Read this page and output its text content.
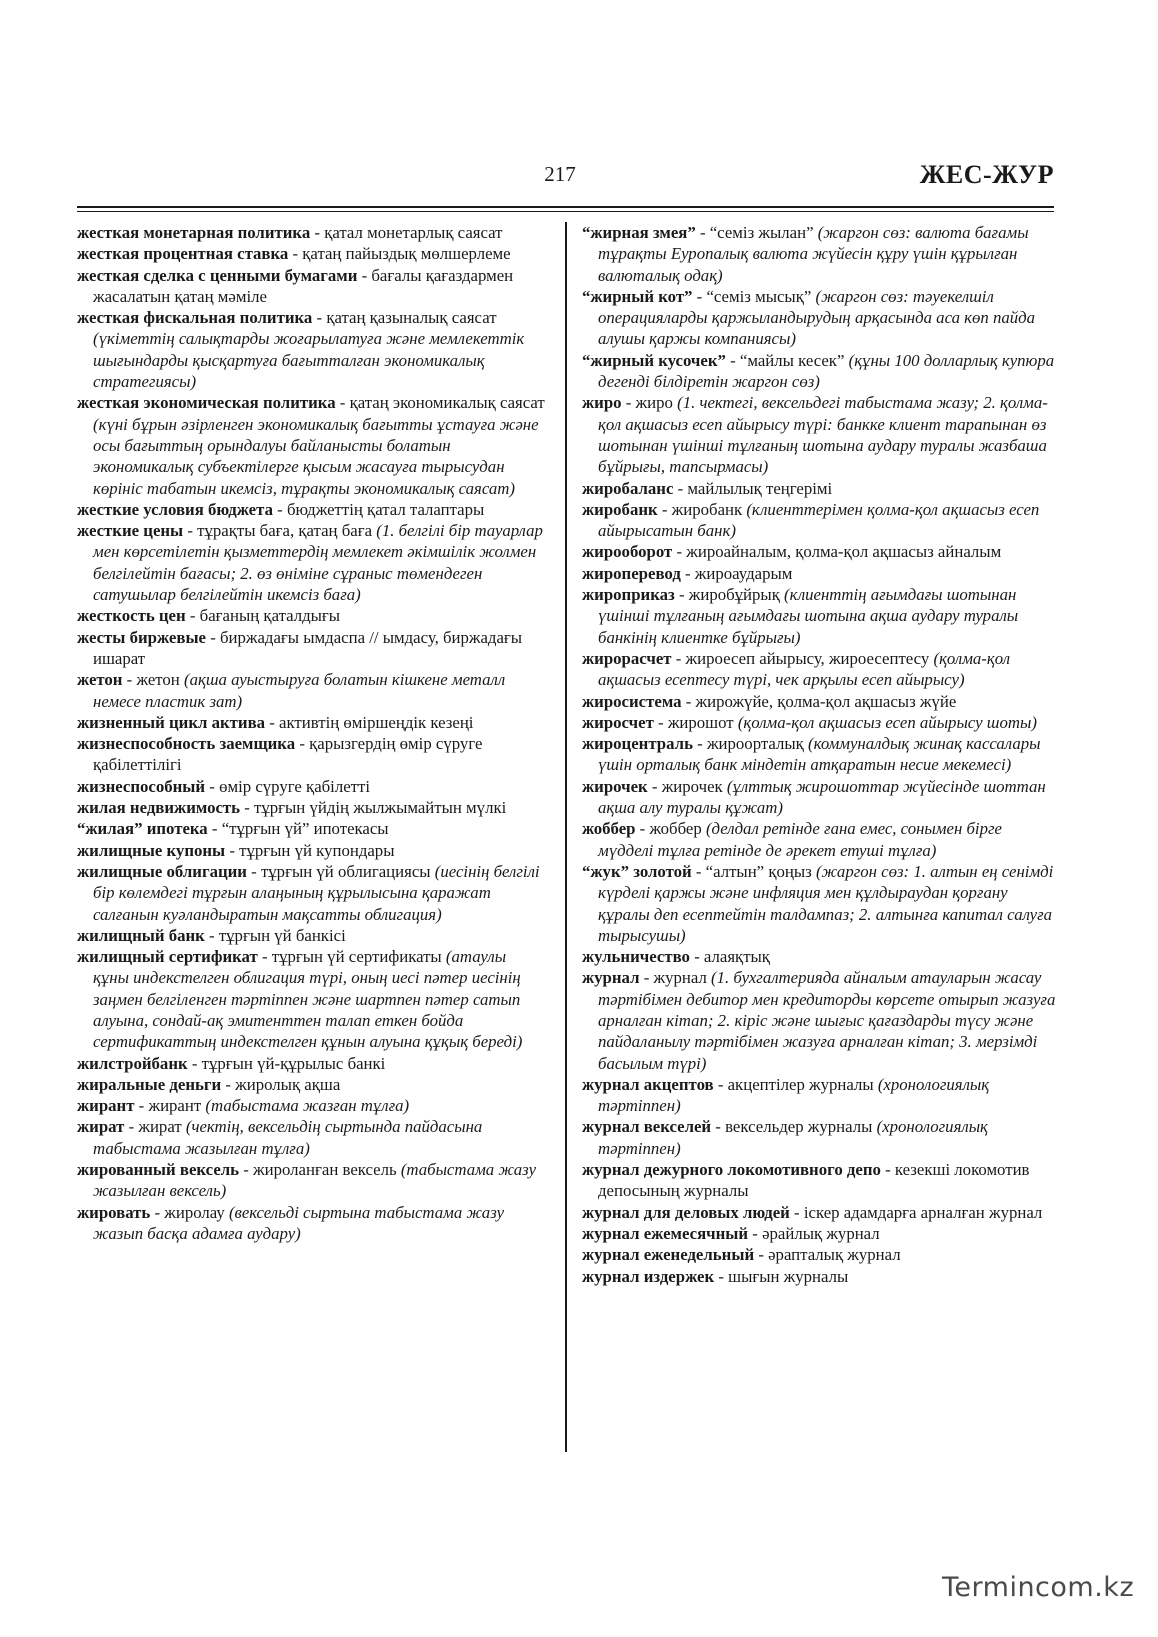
217	ЖЕС-ЖУР

жесткая монетарная политика - қатал монетарлық саясат

жесткая процентная ставка - қатаң пайыздық мөлшерлеме

жесткая сделка с ценными бумагами - бағалы қағаздармен жасалатын қатаң мәміле

жесткая фискальная политика - қатаң қазыналық саясат (үкіметтің салықтарды жоғарылатуға және мемлекеттік шығындарды қысқартуға бағытталған экономикалық стратегиясы)

жесткая экономическая политика - қатаң экономикалық саясат (күні бұрын әзірленген экономикалық бағытты ұстауға және осы бағыттың орындалуы байланысты болатын экономикалық субъектілерге қысым жасауға тырысудан көрініс табатын икемсіз, тұрақты экономикалық саясат)

жесткие условия бюджета - бюджеттің қатал талаптары

жесткие цены - тұрақты баға, қатаң баға (1. белгілі бір тауарлар мен көрсетілетін қызметтердің мемлекет әкімшілік жолмен белгілейтін бағасы; 2. өз өніміне сұраныс төмендеген сатушылар белгілейтін икемсіз баға)

жесткость цен - бағаның қаталдығы

жесты биржевые - биржадағы ымдаспа // ымдасу, биржадағы ишарат

жетон - жетон (ақша ауыстыруға болатын кішкене металл немесе пластик зат)

жизненный цикл актива - активтің өміршеңдік кезеңі

жизнеспособность заемщика - қарызгердің өмір сүруге қабілеттілігі

жизнеспособный - өмір сүруге қабілетті

жилая недвижимость - тұрғын үйдің жылжымайтын мүлкі

“жилая” ипотека - “тұрғын үй” ипотекасы

жилищные купоны - тұрғын үй купондары

жилищные облигации - тұрғын үй облигациясы (иесінің белгілі бір көлемдегі тұрғын алаңының құрылысына қаражат салғанын куәландыратын мақсатты облигация)

жилищный банк - тұрғын үй банкісі

жилищный сертификат - тұрғын үй сертификаты (атаулы құны индекстелген облигация түрі, оның иесі пәтер иесінің заңмен белгіленген тәртіппен және шартпен пәтер сатып алуына, сондай-ақ эмитенттен талап еткен бойда сертификаттың индекстелген құнын алуына құқық береді)

жилстройбанк - тұрғын үй-құрылыс банкі

жиральные деньги - жиролық ақша

жирант - жирант (табыстама жазған тұлға)

жират - жират (чектің, вексельдің сыртында пайдасына табыстама жазылған тұлға)

жированный вексель - жироланған вексель (табыстама жазу жазылған вексель)

жировать - жиролау (вексельді сыртына табыстама жазу жазып басқа адамға аудару)

“жирная змея” - “семіз жылан” (жаргон сөз: валюта бағамы тұрақты Еуропалық валюта жүйесін құру үшін құрылған валюталық одақ)

“жирный кот” - “семіз мысық” (жаргон сөз: тәуекелшіл операцияларды қаржыландырудың арқасында аса көп пайда алушы қаржы компаниясы)

“жирный кусочек” - “майлы кесек” (құны 100 долларлық купюра дегенді білдіретін жаргон сөз)

жиро - жиро (1. чектегі, вексельдегі табыстама жазу; 2. қолма-қол ақшасыз есеп айырысу түрі: банкке клиент тарапынан өз шотынан үшінші тұлғаның шотына аудару туралы жазбаша бұйрығы, тапсырмасы)

жиробаланс - майлылық теңгерімі

жиробанк - жиробанк (клиенттерімен қолма-қол ақшасыз есеп айырысатын банк)

жирооборот - жироайналым, қолма-қол ақшасыз айналым

жироперевод - жироаударым

жироприказ - жиробұйрық (клиенттің ағымдағы шотынан үшінші тұлғаның ағымдағы шотына ақша аудару туралы банкінің клиентке бұйрығы)

жирорасчет - жироесеп айырысу, жироесептесу (қолма-қол ақшасыз есептесу түрі, чек арқылы есеп айырысу)

жиросистема - жирожүйе, қолма-қол ақшасыз жүйе

жиросчет - жирошот (қолма-қол ақшасыз есеп айырысу шоты)

жироцентраль - жироорталық (коммуналдық жинақ кассалары үшін орталық банк міндетін атқаратын несие мекемесі)

жирочек - жирочек (ұлттық жирошоттар жүйесінде шоттан ақша алу туралы құжат)

жоббер - жоббер (делдал ретінде ғана емес, сонымен бірге мүдделі тұлға ретінде де әрекет етуші тұлға)

“жук” золотой - “алтын” қоңыз (жаргон сөз: 1. алтын ең сенімді күрделі қаржы және инфляция мен құлдыраудан қорғану құралы деп есептейтін талдампаз; 2. алтынға капитал салуға тырысушы)

жульничество - алаяқтық

журнал - журнал (1. бухгалтерияда айналым атауларын жасау тәртібімен дебитор мен кредиторды көрсете отырып жазуға арналған кітап; 2. кіріс және шығыс қағаздарды түсу және пайдаланылу тәртібімен жазуға арналған кітап; 3. мерзімді басылым түрі)

журнал акцептов - акцептілер журналы (хронологиялық тәртіппен)

журнал векселей - вексельдер журналы (хронологиялық тәртіппен)

журнал дежурного локомотивного депо - кезекші локомотив депосының журналы

журнал для деловых людей - іскер адамдарға арналған журнал

журнал ежемесячный - әрайлық журнал

журнал еженедельный - әрапталық журнал

журнал издержек - шығын журналы

Termincom.kz
